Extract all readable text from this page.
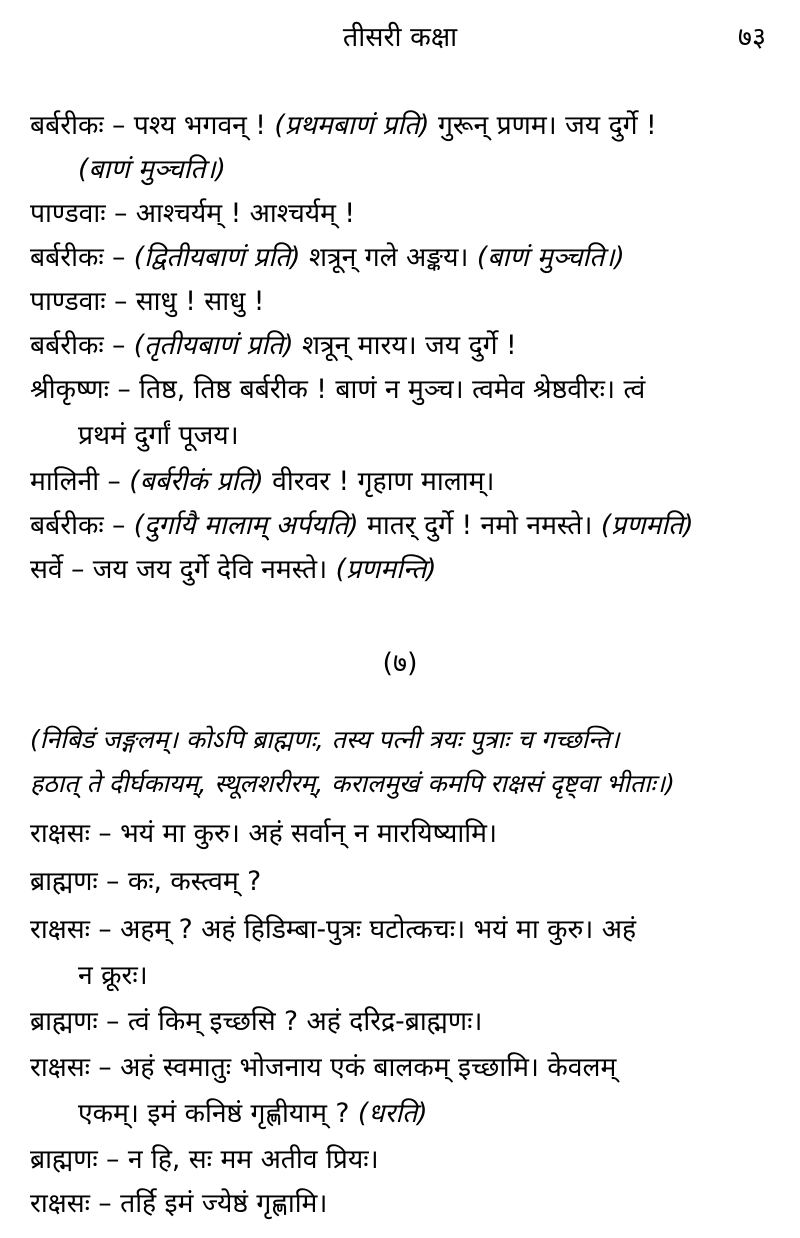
तीसरी कक्षा	७३
बर्बरीकः – पश्य भगवन् ! (प्रथमबाणं प्रति) गुरून् प्रणम। जय दुर्गे !
(बाणं मुञ्चति।)
पाण्डवाः – आश्चर्यम् ! आश्चर्यम् !
बर्बरीकः – (द्वितीयबाणं प्रति) शत्रून् गले अङ्कय। (बाणं मुञ्चति।)
पाण्डवाः – साधु ! साधु !
बर्बरीकः – (तृतीयबाणं प्रति) शत्रून् मारय। जय दुर्गे !
श्रीकृष्णः – तिष्ठ, तिष्ठ बर्बरीक ! बाणं न मुञ्च। त्वमेव श्रेष्ठवीरः। त्वं
प्रथमं दुर्गां पूजय।
मालिनी – (बर्बरीकं प्रति) वीरवर ! गृहाण मालाम्।
बर्बरीकः – (दुर्गायै मालाम् अर्पयति) मातर् दुर्गे ! नमो नमस्ते। (प्रणमति)
सर्वे – जय जय दुर्गे देवि नमस्ते। (प्रणमन्ति)
(७)
(निबिडं जङ्गलम्। कोऽपि ब्राह्मणः, तस्य पत्नी त्रयः पुत्राः च गच्छन्ति।
हठात् ते दीर्घकायम्, स्थूलशरीरम्, करालमुखं कमपि राक्षसं दृष्ट्वा भीताः।)
राक्षसः – भयं मा कुरु। अहं सर्वान् न मारयिष्यामि।
ब्राह्मणः – कः, कस्त्वम् ?
राक्षसः – अहम् ? अहं हिडिम्बा-पुत्रः घटोत्कचः। भयं मा कुरु। अहं
न क्रूरः।
ब्राह्मणः – त्वं किम् इच्छसि ? अहं दरिद्र-ब्राह्मणः।
राक्षसः – अहं स्वमातुः भोजनाय एकं बालकम् इच्छामि। केवलम्
एकम्। इमं कनिष्ठं गृह्णीयाम् ? (धरति)
ब्राह्मणः – न हि, सः मम अतीव प्रियः।
राक्षसः – तर्हि इमं ज्येष्ठं गृह्णामि।
